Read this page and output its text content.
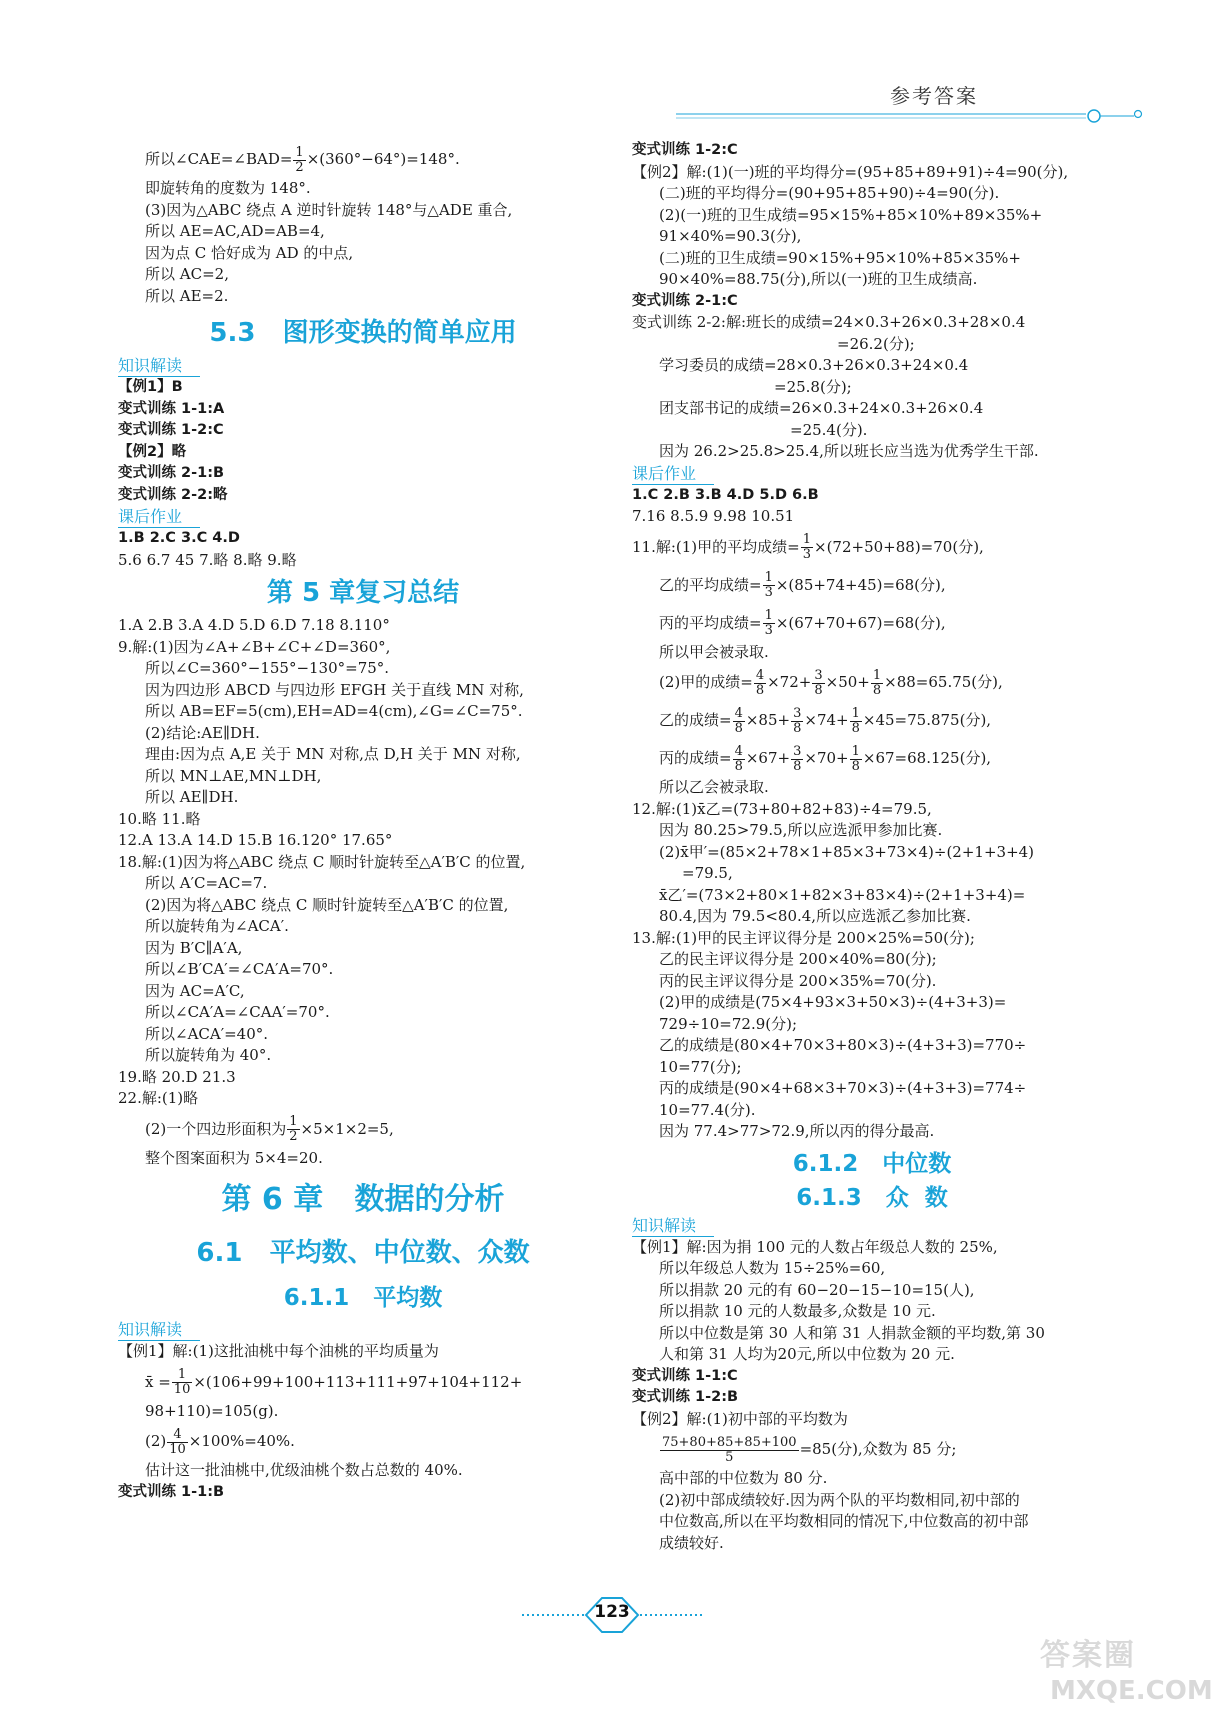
参考答案
所以∠CAE=∠BAD= $\frac{1}{2} \times(360^\circ-64^\circ)=148^\circ$.
即旋转角的度数为 148°.
(3)因为△ABC 绕点 A 逆时针旋转 148°与△ADE 重合,
所以 AE=AC,AD=AB=4,
因为点 C 恰好成为 AD 的中点,
所以 AC=2,
所以 AE=2.
5.3   图形变换的简单应用
知识解读
【例1】B
变式训练 1-1:A
变式训练 1-2:C
【例2】略
变式训练 2-1:B
变式训练 2-2:略
课后作业
1.B 2.C 3.C 4.D
5.6 6.7 45 7.略 8.略 9.略
第 5 章复习总结
1.A 2.B 3.A 4.D 5.D 6.D 7.18 8.110°
9.解:(1)因为∠A+∠B+∠C+∠D=360°,
所以∠C=360°−155°−130°=75°.
因为四边形 ABCD 与四边形 EFGH 关于直线 MN 对称,
所以 AB=EF=5(cm),EH=AD=4(cm),∠G=∠C=75°.
(2)结论:AE∥DH.
理由:因为点 A,E 关于 MN 对称,点 D,H 关于 MN 对称,
所以 MN⊥AE,MN⊥DH,
所以 AE∥DH.
10.略 11.略
12.A 13.A 14.D 15.B 16.120° 17.65°
18.解:(1)因为将△ABC 绕点 C 顺时针旋转至△A′B′C 的位置,
所以 A′C=AC=7.
(2)因为将△ABC 绕点 C 顺时针旋转至△A′B′C 的位置,
所以旋转角为∠ACA′.
因为 B′C∥A′A,
所以∠B′CA′=∠CA′A=70°.
因为 AC=A′C,
所以∠CA′A=∠CAA′=70°.
所以∠ACA′=40°.
所以旋转角为 40°.
19.略 20.D 21.3
22.解:(1)略
(2)一个四边形面积为 $\frac{1}{2} \times 5\times 1\times 2=5$,
整个图案面积为 5×4=20.
第 6 章   数据的分析
6.1   平均数、中位数、众数
6.1.1   平均数
知识解读
【例1】解:(1)这批油桃中每个油桃的平均质量为
x̄ = $\frac{1}{10} \times(106+99+100+113+111+97+104+112+$
98+110)=105(g).
$(2) \frac{4}{10} \times 100\%=40\%$.
估计这一批油桃中,优级油桃个数占总数的 40%.
变式训练 1-1:B
变式训练 1-2:C
【例2】解:(1)(一)班的平均得分=(95+85+89+91)÷4=90(分),
(二)班的平均得分=(90+95+85+90)÷4=90(分).
(2)(一)班的卫生成绩=95×15%+85×10%+89×35%+
91×40%=90.3(分),
(二)班的卫生成绩=90×15%+95×10%+85×35%+
90×40%=88.75(分),所以(一)班的卫生成绩高.
变式训练 2-1:C
变式训练 2-2:解:班长的成绩=24×0.3+26×0.3+28×0.4
=26.2(分);
学习委员的成绩=28×0.3+26×0.3+24×0.4
=25.8(分);
团支部书记的成绩=26×0.3+24×0.3+26×0.4
=25.4(分).
因为 26.2>25.8>25.4,所以班长应当选为优秀学生干部.
课后作业
1.C 2.B 3.B 4.D 5.D 6.B
7.16 8.5.9 9.98 10.51
11.解:(1)甲的平均成绩= $\frac{1}{3} \times(72+50+88)=70$(分),
乙的平均成绩= $\frac{1}{3} \times(85+74+45)=68$(分),
丙的平均成绩= $\frac{1}{3} \times(67+70+67)=68$(分),
所以甲会被录取.
(2)甲的成绩= $\frac{4}{8} \times 72+ \frac{3}{8} \times 50+ \frac{1}{8} \times 88=65.75$(分),
乙的成绩= $\frac{4}{8} \times 85+ \frac{3}{8} \times 74+ \frac{1}{8} \times 45=75.875$(分),
丙的成绩= $\frac{4}{8} \times 67+ \frac{3}{8} \times 70+ \frac{1}{8} \times 67=68.125$(分),
所以乙会被录取.
12.解:(1)x̄乙=(73+80+82+83)÷4=79.5,
因为 80.25>79.5,所以应选派甲参加比赛.
(2)x̄甲′=(85×2+78×1+85×3+73×4)÷(2+1+3+4)
=79.5,
x̄乙′=(73×2+80×1+82×3+83×4)÷(2+1+3+4)=
80.4,因为 79.5<80.4,所以应选派乙参加比赛.
13.解:(1)甲的民主评议得分是 200×25%=50(分);
乙的民主评议得分是 200×40%=80(分);
丙的民主评议得分是 200×35%=70(分).
(2)甲的成绩是(75×4+93×3+50×3)÷(4+3+3)=
729÷10=72.9(分);
乙的成绩是(80×4+70×3+80×3)÷(4+3+3)=770÷
10=77(分);
丙的成绩是(90×4+68×3+70×3)÷(4+3+3)=774÷
10=77.4(分).
因为 77.4>77>72.9,所以丙的得分最高.
6.1.2   中位数
6.1.3   众  数
知识解读
【例1】解:因为捐 100 元的人数占年级总人数的 25%,
所以年级总人数为 15÷25%=60,
所以捐款 20 元的有 60−20−15−10=15(人),
所以捐款 10 元的人数最多,众数是 10 元.
所以中位数是第 30 人和第 31 人捐款金额的平均数,第 30
人和第 31 人均为20元,所以中位数为 20 元.
变式训练 1-1:C
变式训练 1-2:B
【例2】解:(1)初中部的平均数为
$\frac{75+80+85+85+100}{5} =85$(分),众数为 85 分;
高中部的中位数为 80 分.
(2)初中部成绩较好.因为两个队的平均数相同,初中部的
中位数高,所以在平均数相同的情况下,中位数高的初中部
成绩较好.
123
答案圈
MXQE.COM
